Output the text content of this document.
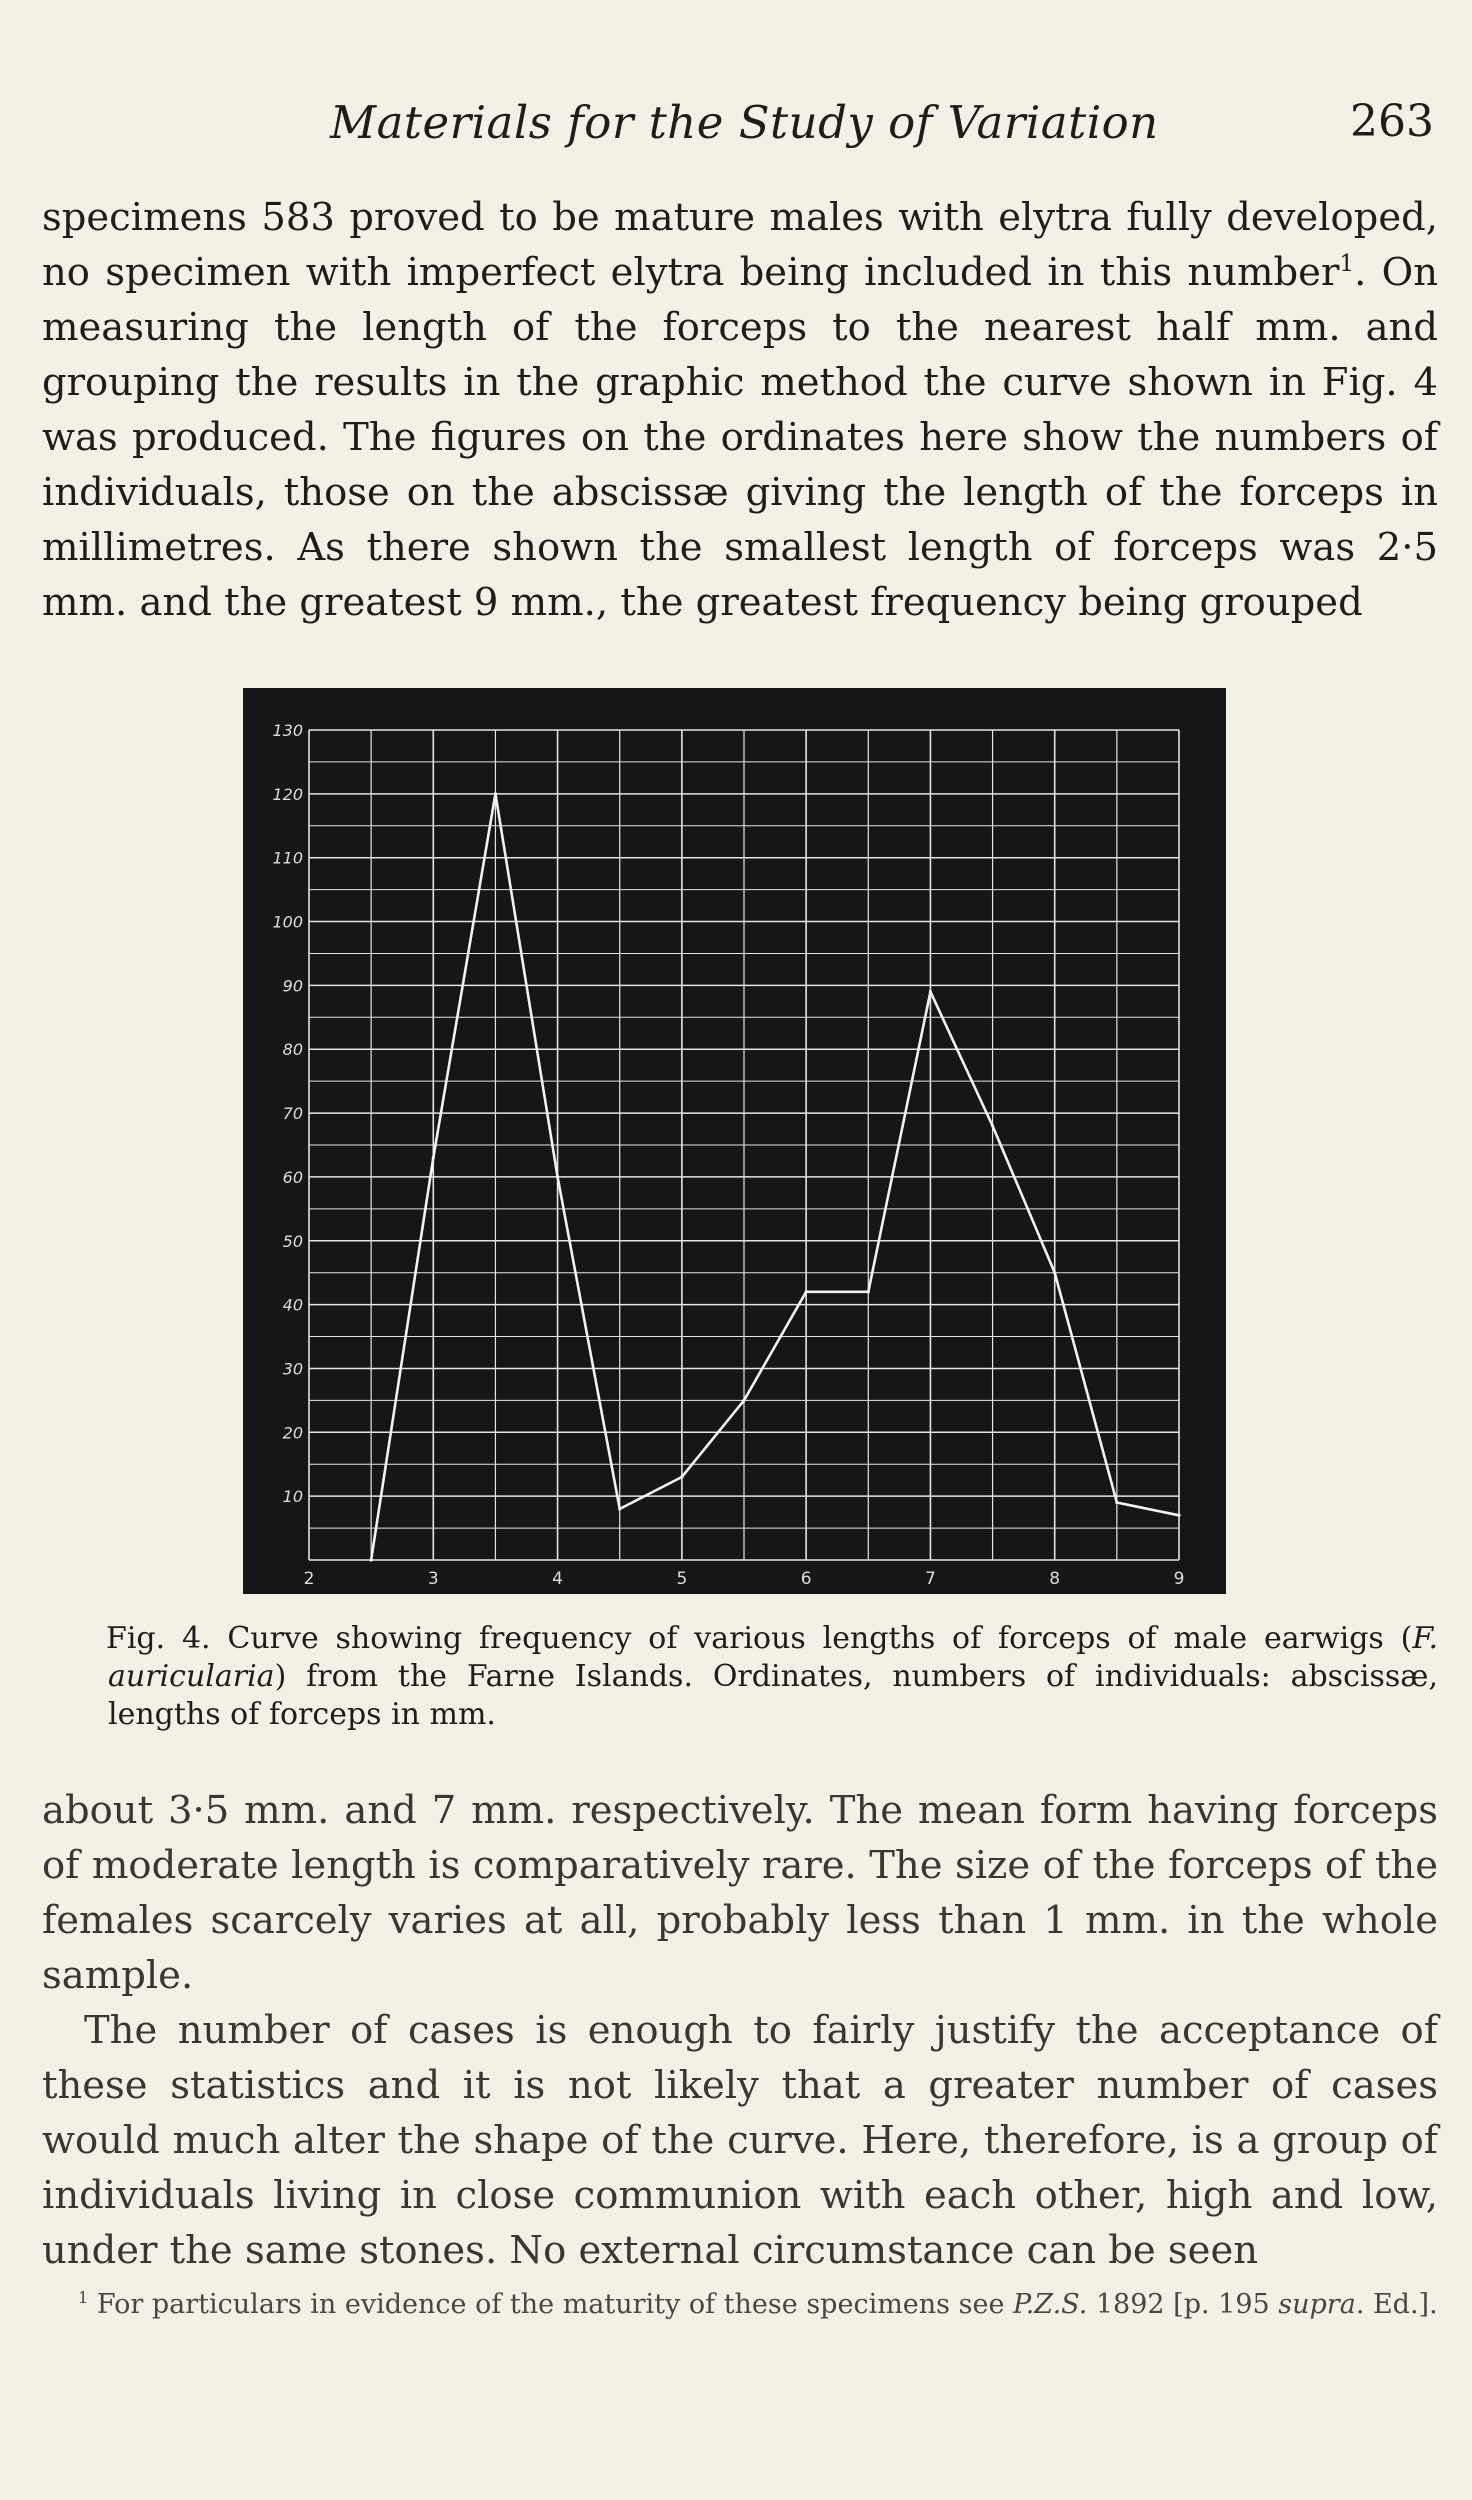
Materials for the Study of Variation	263
specimens 583 proved to be mature males with elytra fully developed, no specimen with imperfect elytra being included in this number$^1$. On measuring the length of the forceps to the nearest half mm. and grouping the results in the graphic method the curve shown in Fig. 4 was produced. The figures on the ordinates here show the numbers of individuals, those on the abscissæ giving the length of the forceps in millimetres. As there shown the smallest length of forceps was 2·5 mm. and the greatest 9 mm., the greatest frequency being grouped
10
20
30
40
50
60
70
80
90
100
110
120
130
2	3	4	5	6	7	8	9
Fig. 4. Curve showing frequency of various lengths of forceps of male earwigs (F. auricularia) from the Farne Islands. Ordinates, numbers of individuals: abscissæ, lengths of forceps in mm.
about 3·5 mm. and 7 mm. respectively. The mean form having forceps of moderate length is comparatively rare. The size of the forceps of the females scarcely varies at all, probably less than 1 mm. in the whole sample.
The number of cases is enough to fairly justify the acceptance of these statistics and it is not likely that a greater number of cases would much alter the shape of the curve. Here, therefore, is a group of individuals living in close communion with each other, high and low, under the same stones. No external circumstance can be seen
$^1$ For particulars in evidence of the maturity of these specimens see P.Z.S. 1892 [p. 195 supra. Ed.].
